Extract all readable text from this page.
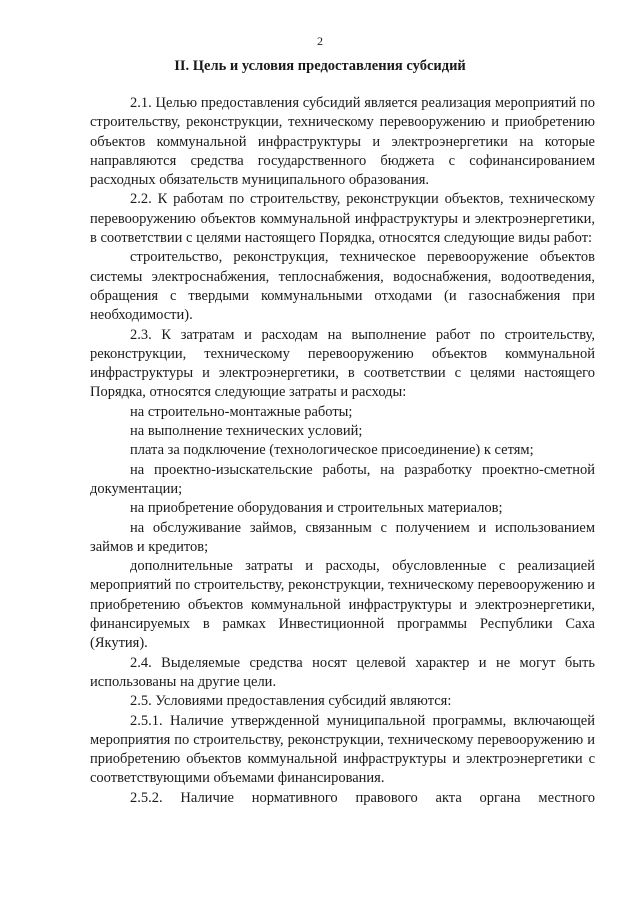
2
II. Цель и условия предоставления субсидий

2.1. Целью предоставления субсидий является реализация мероприятий по строительству, реконструкции, техническому перевооружению и приобретению объектов коммунальной инфраструктуры и электроэнергетики на которые направляются средства государственного бюджета с софинансированием расходных обязательств муниципального образования.

2.2. К работам по строительству, реконструкции объектов, техническому перевооружению объектов коммунальной инфраструктуры и электроэнергетики, в соответствии с целями настоящего Порядка, относятся следующие виды работ:

строительство, реконструкция, техническое перевооружение объектов системы электроснабжения, теплоснабжения, водоснабжения, водоотведения, обращения с твердыми коммунальными отходами (и газоснабжения при необходимости).

2.3. К затратам и расходам на выполнение работ по строительству, реконструкции, техническому перевооружению объектов коммунальной инфраструктуры и электроэнергетики, в соответствии с целями настоящего Порядка, относятся следующие затраты и расходы:

на строительно-монтажные работы;

на выполнение технических условий;

плата за подключение (технологическое присоединение) к сетям;

на проектно-изыскательские работы, на разработку проектно-сметной документации;

на приобретение оборудования и строительных материалов;

на обслуживание займов, связанным с получением и использованием займов и кредитов;

дополнительные затраты и расходы, обусловленные с реализацией мероприятий по строительству, реконструкции, техническому перевооружению и приобретению объектов коммунальной инфраструктуры и электроэнергетики, финансируемых в рамках Инвестиционной программы Республики Саха (Якутия).

2.4. Выделяемые средства носят целевой характер и не могут быть использованы на другие цели.

2.5. Условиями предоставления субсидий являются:

2.5.1. Наличие утвержденной муниципальной программы, включающей мероприятия по строительству, реконструкции, техническому перевооружению и приобретению объектов коммунальной инфраструктуры и электроэнергетики с соответствующими объемами финансирования.

2.5.2. Наличие нормативного правового акта органа местного
